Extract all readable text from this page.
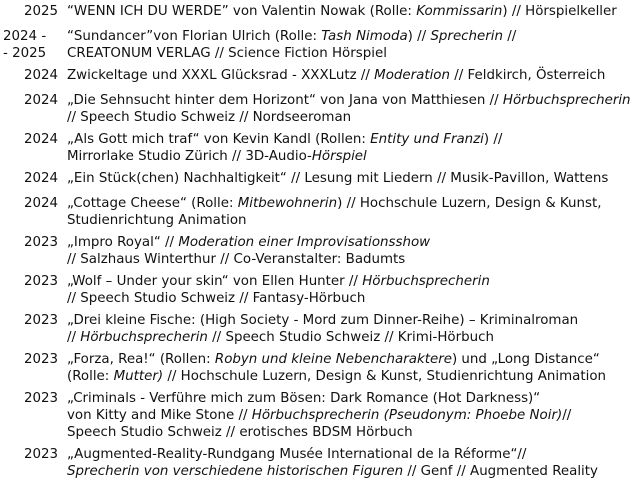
2025 “WENN ICH DU WERDE” von Valentin Nowak (Rolle: Kommissarin) // Hörspielkeller
2024 -
- 2025
“Sundancer”von Florian Ulrich (Rolle: Tash Nimoda) // Sprecherin //
CREATONUM VERLAG // Science Fiction Hörspiel
2024 Zwickeltage und XXXL Glücksrad - XXXLutz // Moderation // Feldkirch, Österreich
2024 „Die Sehnsucht hinter dem Horizont“ von Jana von Matthiesen // Hörbuchsprecherin
// Speech Studio Schweiz // Nordseeroman
2024 „Als Gott mich traf“ von Kevin Kandl (Rollen: Entity und Franzi) //
Mirrorlake Studio Zürich // 3D-Audio-Hörspiel
2024 „Ein Stück(chen) Nachhaltigkeit“ // Lesung mit Liedern // Musik-Pavillon, Wattens
2024 „Cottage Cheese“ (Rolle: Mitbewohnerin) // Hochschule Luzern, Design & Kunst,
Studienrichtung Animation
2023 „Impro Royal“ // Moderation einer Improvisationsshow
// Salzhaus Winterthur // Co-Veranstalter: Badumts
2023 „Wolf – Under your skin“ von Ellen Hunter // Hörbuchsprecherin
// Speech Studio Schweiz // Fantasy-Hörbuch
2023 „Drei kleine Fische: (High Society - Mord zum Dinner-Reihe) – Kriminalroman
// Hörbuchsprecherin // Speech Studio Schweiz // Krimi-Hörbuch
2023 „Forza, Rea!“ (Rollen: Robyn und kleine Nebencharaktere) und „Long Distance“
(Rolle: Mutter) // Hochschule Luzern, Design & Kunst, Studienrichtung Animation
2023 „Criminals - Verführe mich zum Bösen: Dark Romance (Hot Darkness)“
von Kitty and Mike Stone // Hörbuchsprecherin (Pseudonym: Phoebe Noir)//
Speech Studio Schweiz // erotisches BDSM Hörbuch
2023 „Augmented-Reality-Rundgang Musée International de la Réforme“//
Sprecherin von verschiedene historischen Figuren // Genf // Augmented Reality
